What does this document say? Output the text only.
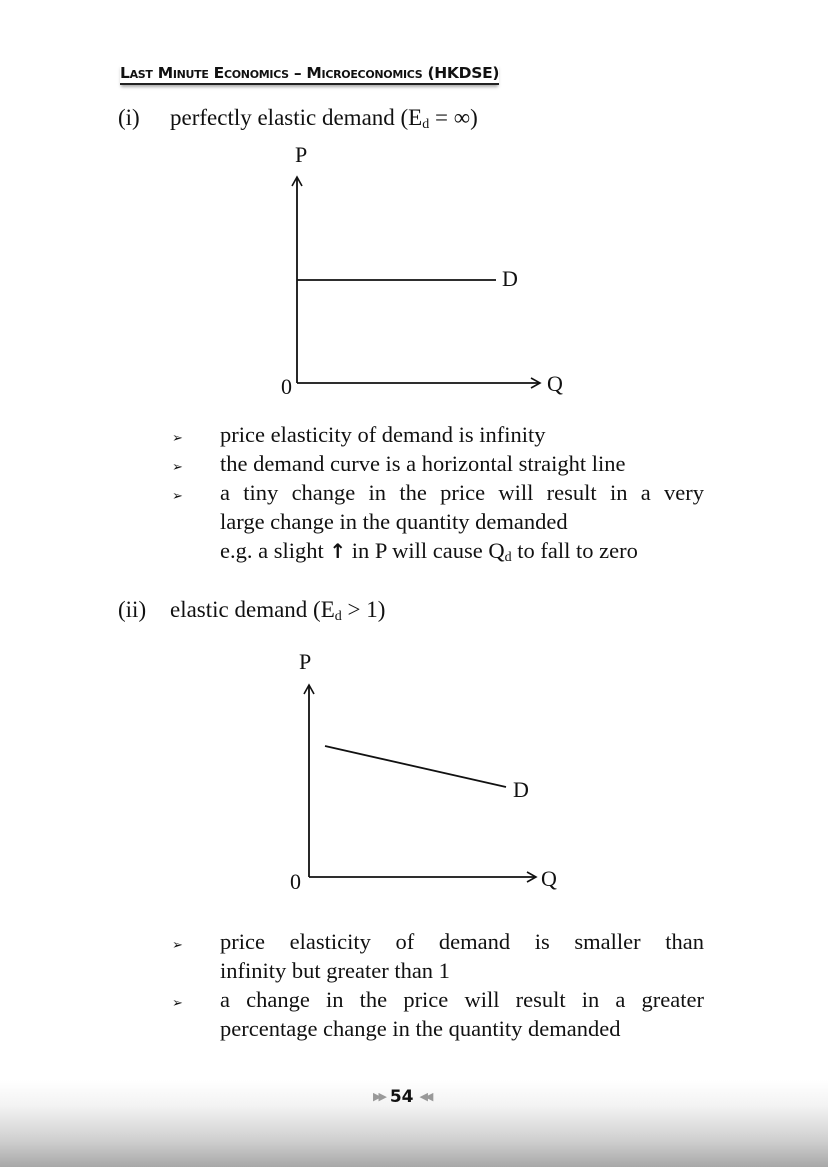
Last Minute Economics – Microeconomics (HKDSE)
(i) perfectly elastic demand ($E_d$ = ∞)
P
D
0	Q
➢
➢
➢
price elasticity of demand is infinity
the demand curve is a horizontal straight line
a tiny change in the price will result in a very
large change in the quantity demanded
e.g. a slight ↑ in P will cause $Q_d$ to fall to zero
(ii) elastic demand $(E_d > 1)$
P
D
0	Q
➢
➢
price elasticity of demand is smaller than
infinity but greater than 1
a change in the price will result in a greater
percentage change in the quantity demanded
▶▶ 54 ◀◀
